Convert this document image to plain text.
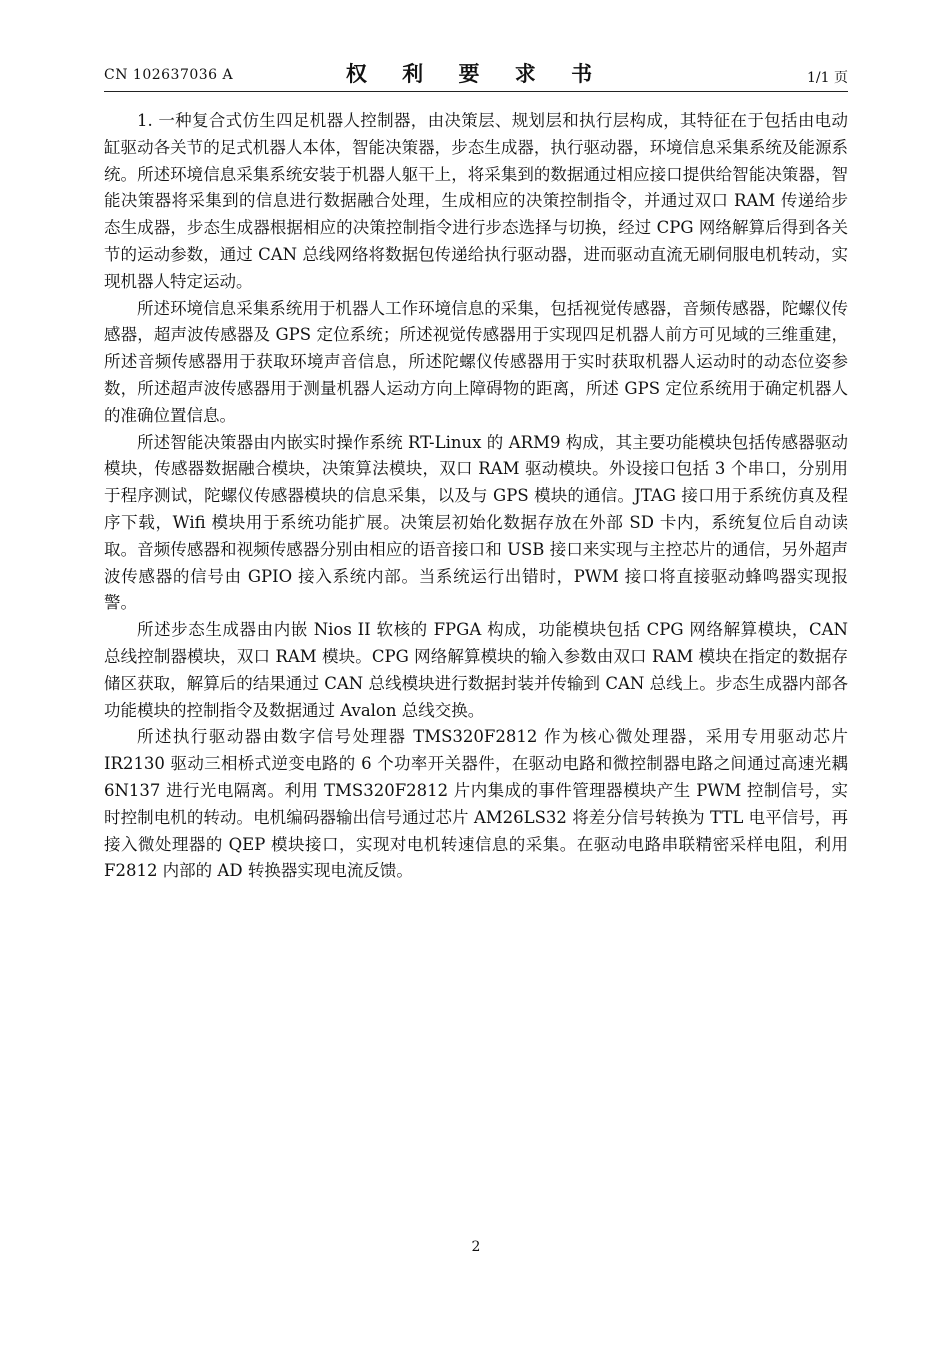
CN 102637036 A	权 利 要 求 书	1/1 页

1. 一种复合式仿生四足机器人控制器，由决策层、规划层和执行层构成，其特征在于包括由电动缸驱动各关节的足式机器人本体，智能决策器，步态生成器，执行驱动器，环境信息采集系统及能源系统。所述环境信息采集系统安装于机器人躯干上，将采集到的数据通过相应接口提供给智能决策器，智能决策器将采集到的信息进行数据融合处理，生成相应的决策控制指令，并通过双口 RAM 传递给步态生成器，步态生成器根据相应的决策控制指令进行步态选择与切换，经过 CPG 网络解算后得到各关节的运动参数，通过 CAN 总线网络将数据包传递给执行驱动器，进而驱动直流无刷伺服电机转动，实现机器人特定运动。

所述环境信息采集系统用于机器人工作环境信息的采集，包括视觉传感器，音频传感器，陀螺仪传感器，超声波传感器及 GPS 定位系统；所述视觉传感器用于实现四足机器人前方可见域的三维重建，所述音频传感器用于获取环境声音信息，所述陀螺仪传感器用于实时获取机器人运动时的动态位姿参数，所述超声波传感器用于测量机器人运动方向上障碍物的距离，所述 GPS 定位系统用于确定机器人的准确位置信息。

所述智能决策器由内嵌实时操作系统 RT-Linux 的 ARM9 构成，其主要功能模块包括传感器驱动模块，传感器数据融合模块，决策算法模块，双口 RAM 驱动模块。外设接口包括 3 个串口，分别用于程序测试，陀螺仪传感器模块的信息采集，以及与 GPS 模块的通信。JTAG 接口用于系统仿真及程序下载，Wifi 模块用于系统功能扩展。决策层初始化数据存放在外部 SD 卡内，系统复位后自动读取。音频传感器和视频传感器分别由相应的语音接口和 USB 接口来实现与主控芯片的通信，另外超声波传感器的信号由 GPIO 接入系统内部。当系统运行出错时，PWM 接口将直接驱动蜂鸣器实现报警。

所述步态生成器由内嵌 Nios II 软核的 FPGA 构成，功能模块包括 CPG 网络解算模块，CAN 总线控制器模块，双口 RAM 模块。CPG 网络解算模块的输入参数由双口 RAM 模块在指定的数据存储区获取，解算后的结果通过 CAN 总线模块进行数据封装并传输到 CAN 总线上。步态生成器内部各功能模块的控制指令及数据通过 Avalon 总线交换。

所述执行驱动器由数字信号处理器 TMS320F2812 作为核心微处理器，采用专用驱动芯片 IR2130 驱动三相桥式逆变电路的 6 个功率开关器件，在驱动电路和微控制器电路之间通过高速光耦 6N137 进行光电隔离。利用 TMS320F2812 片内集成的事件管理器模块产生 PWM 控制信号，实时控制电机的转动。电机编码器输出信号通过芯片 AM26LS32 将差分信号转换为 TTL 电平信号，再接入微处理器的 QEP 模块接口，实现对电机转速信息的采集。在驱动电路串联精密采样电阻，利用 F2812 内部的 AD 转换器实现电流反馈。

2
